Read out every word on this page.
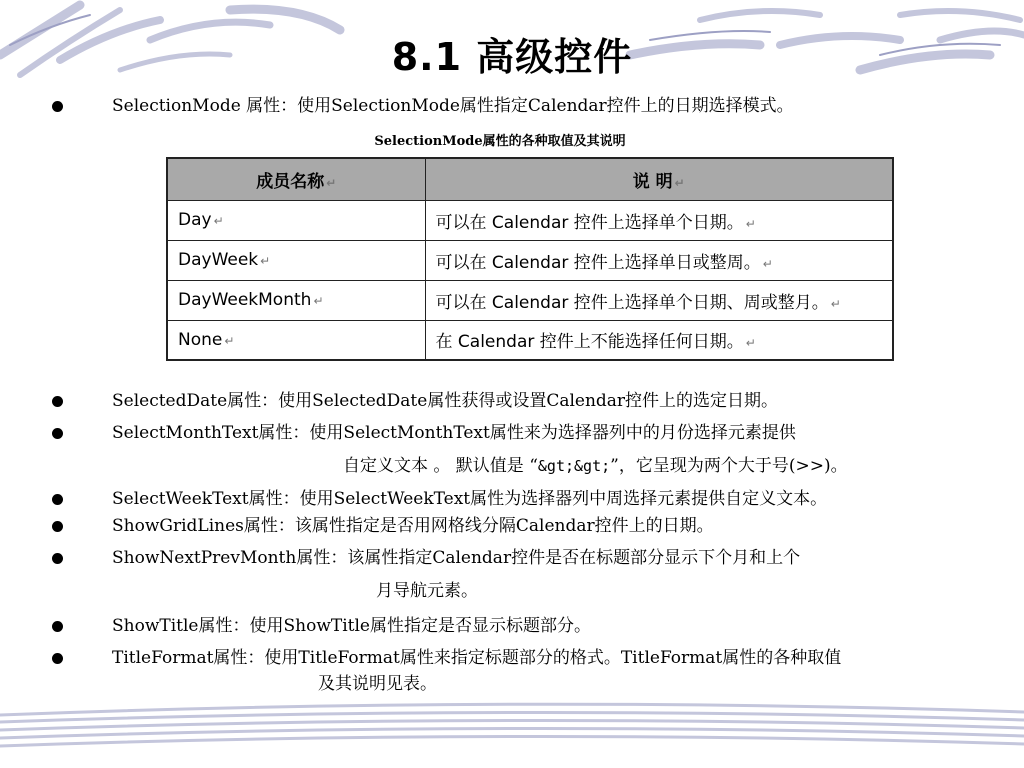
8.1 高级控件
SelectionMode 属性：使用SelectionMode属性指定Calendar控件上的日期选择模式。
SelectionMode属性的各种取值及其说明
成员名称 ↵	说 明 ↵
Day ↵	可以在 Calendar 控件上选择单个日期。 ↵
DayWeek ↵	可以在 Calendar 控件上选择单日或整周。 ↵
DayWeekMonth ↵	可以在 Calendar 控件上选择单个日期、周或整月。 ↵
None ↵	在 Calendar 控件上不能选择任何日期。 ↵
SelectedDate属性：使用SelectedDate属性获得或设置Calendar控件上的选定日期。
SelectMonthText属性：使用SelectMonthText属性来为选择器列中的月份选择元素提供
自定义文本 。 默认值是 “&gt;&gt;”，它呈现为两个大于号(>>)。
SelectWeekText属性：使用SelectWeekText属性为选择器列中周选择元素提供自定义文本。
ShowGridLines属性：该属性指定是否用网格线分隔Calendar控件上的日期。
ShowNextPrevMonth属性：该属性指定Calendar控件是否在标题部分显示下个月和上个
月导航元素。
ShowTitle属性：使用ShowTitle属性指定是否显示标题部分。
TitleFormat属性：使用TitleFormat属性来指定标题部分的格式。TitleFormat属性的各种取值
及其说明见表。
